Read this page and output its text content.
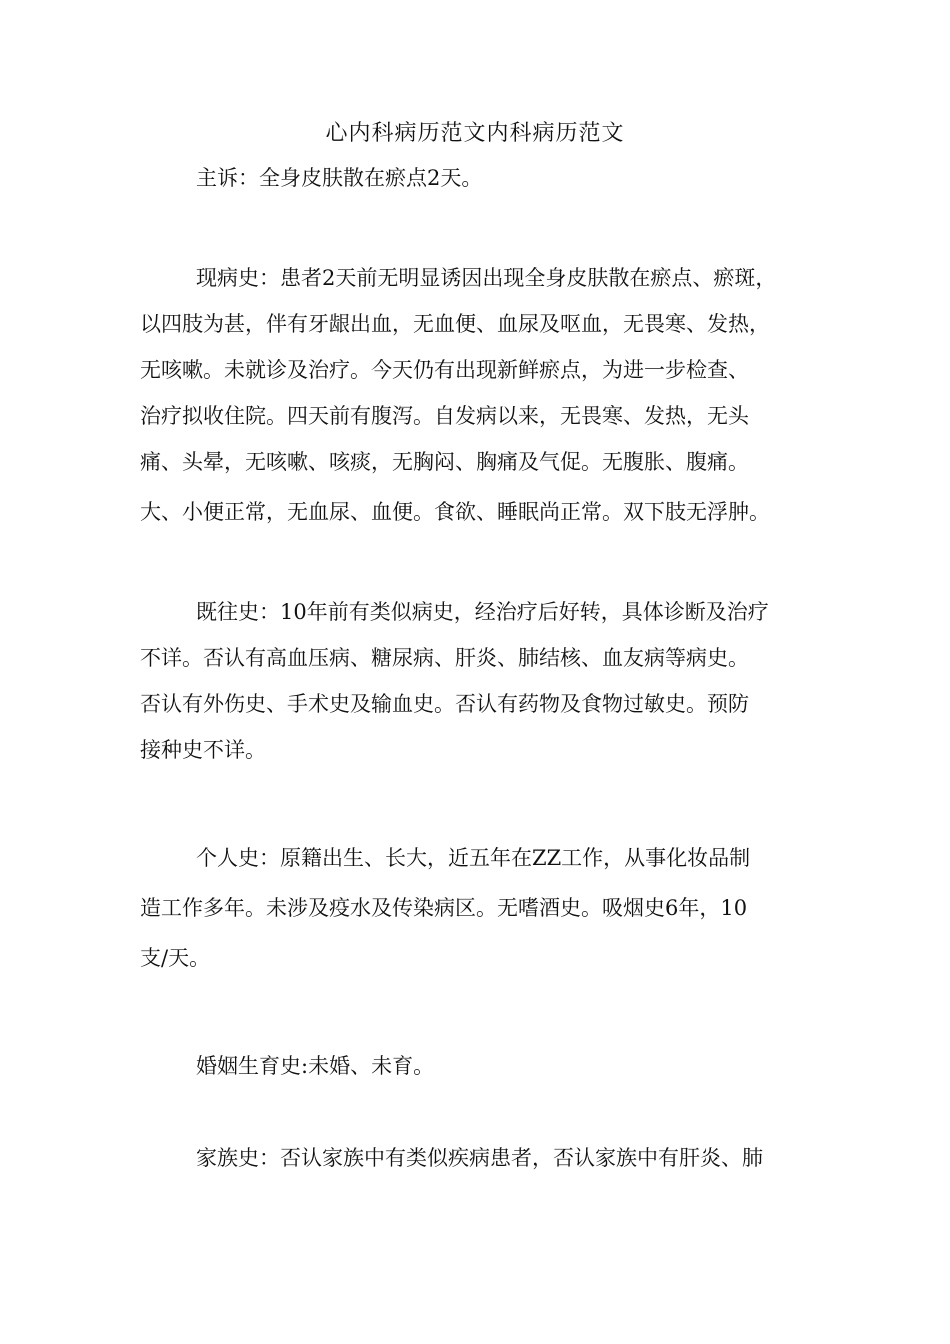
心内科病历范文内科病历范文
主诉：全身皮肤散在瘀点2天。
现病史：患者2天前无明显诱因出现全身皮肤散在瘀点、瘀斑，
以四肢为甚，伴有牙龈出血，无血便、血尿及呕血，无畏寒、发热，
无咳嗽。未就诊及治疗。今天仍有出现新鲜瘀点，为进一步检查、
治疗拟收住院。四天前有腹泻。自发病以来，无畏寒、发热，无头
痛、头晕，无咳嗽、咳痰，无胸闷、胸痛及气促。无腹胀、腹痛。
大、小便正常，无血尿、血便。食欲、睡眠尚正常。双下肢无浮肿。
既往史：10年前有类似病史，经治疗后好转，具体诊断及治疗
不详。否认有高血压病、糖尿病、肝炎、肺结核、血友病等病史。
否认有外伤史、手术史及输血史。否认有药物及食物过敏史。预防
接种史不详。
个人史：原籍出生、长大，近五年在ZZ工作，从事化妆品制
造工作多年。未涉及疫水及传染病区。无嗜酒史。吸烟史6年，10
支/天。
婚姻生育史:未婚、未育。
家族史：否认家族中有类似疾病患者，否认家族中有肝炎、肺
